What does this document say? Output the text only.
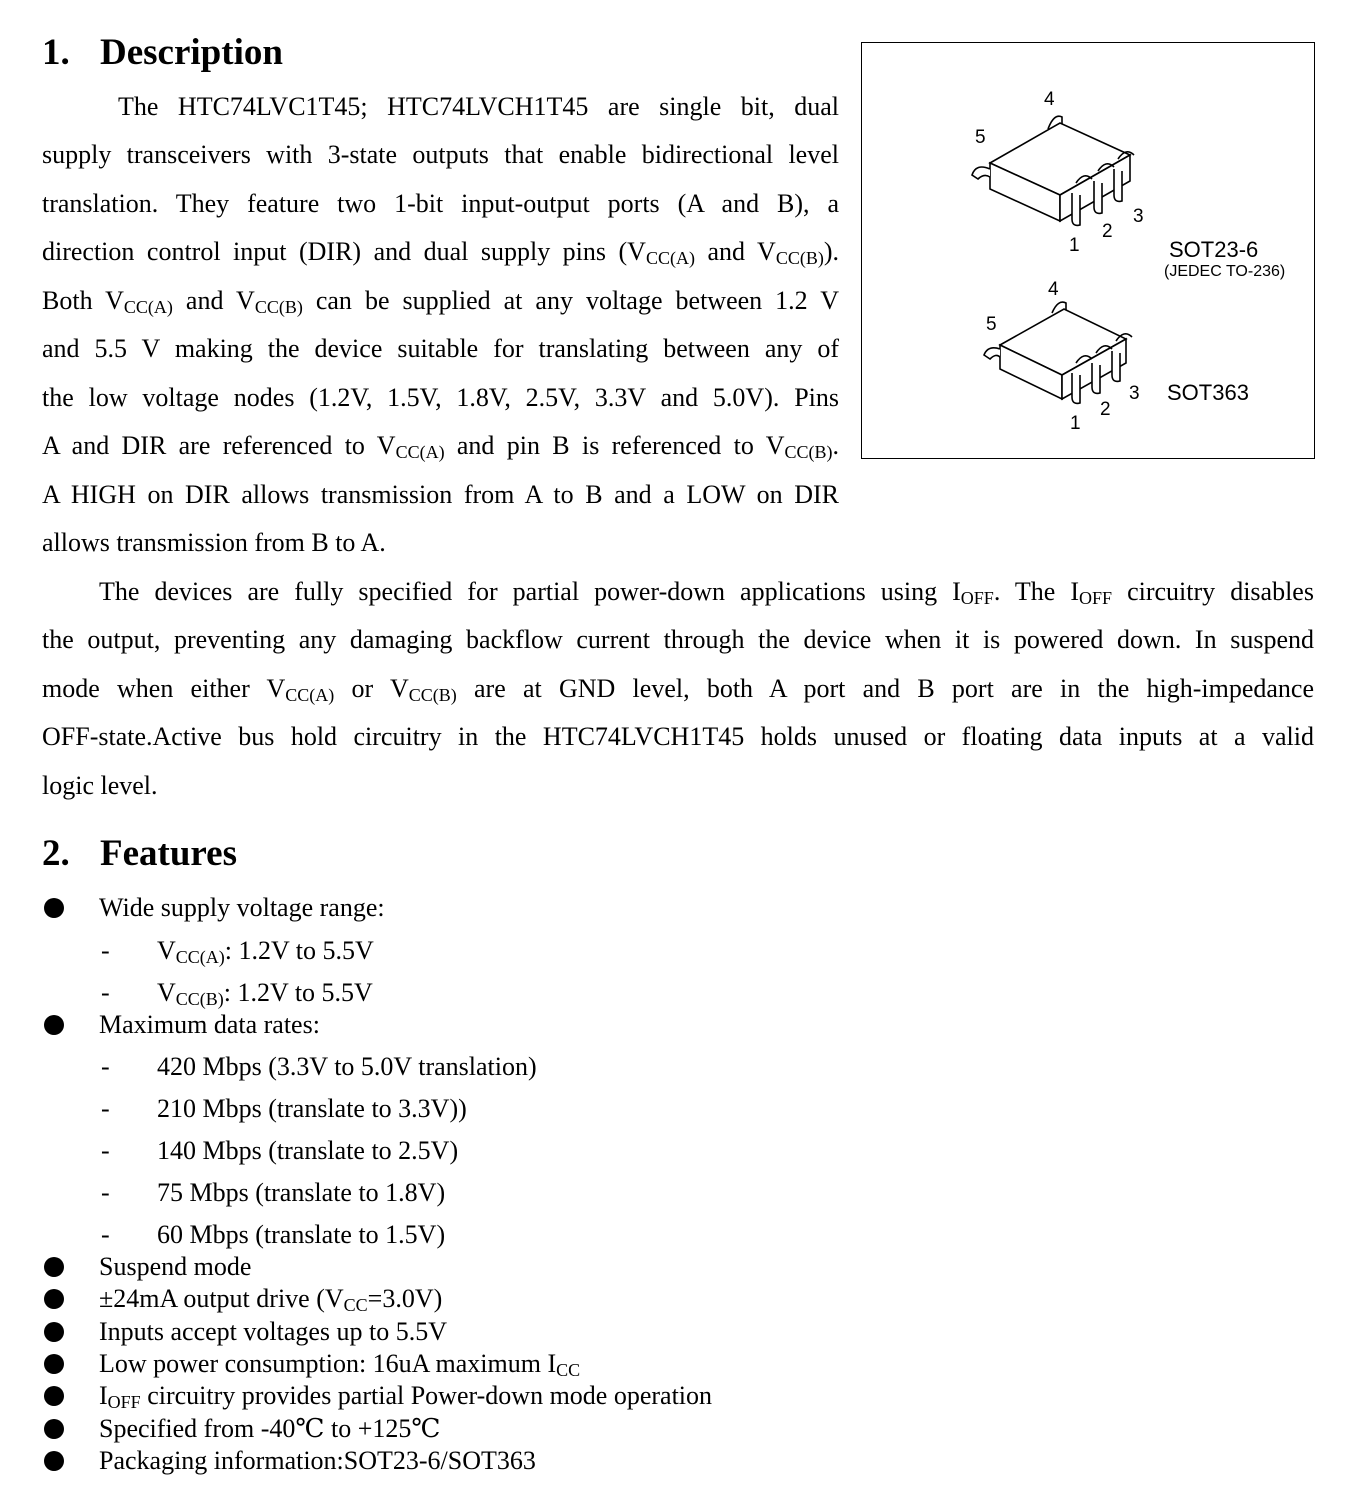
1. Description
The HTC74LVC1T45; HTC74LVCH1T45 are single bit, dual
supply transceivers with 3-state outputs that enable bidirectional level
translation. They feature two 1-bit input-output ports (A and B), a
direction control input (DIR) and dual supply pins ($V_{CC(A)}$ and $V_{CC(B)}$).
Both $V_{CC(A)}$ and $V_{CC(B)}$ can be supplied at any voltage between 1.2 V
and 5.5 V making the device suitable for translating between any of
the low voltage nodes (1.2V, 1.5V, 1.8V, 2.5V, 3.3V and 5.0V). Pins
A and DIR are referenced to $V_{CC(A)}$ and pin B is referenced to $V_{CC(B)}$.
A HIGH on DIR allows transmission from A to B and a LOW on DIR
allows transmission from B to A.
The devices are fully specified for partial power-down applications using $I_{OFF}$. The $I_{OFF}$ circuitry disables
the output, preventing any damaging backflow current through the device when it is powered down. In suspend
mode when either $V_{CC(A)}$ or $V_{CC(B)}$ are at GND level, both A port and B port are in the high-impedance
OFF-state.Active bus hold circuitry in the HTC74LVCH1T45 holds unused or floating data inputs at a valid
logic level.
4
5
1
2
3
SOT23-6
(JEDEC TO-236)
4
5
1
2
3 SOT363
2. Features
Wide supply voltage range:
- $V_{CC(A)}$: 1.2V to 5.5V
- $V_{CC(B)}$: 1.2V to 5.5V
Maximum data rates:
- 420 Mbps (3.3V to 5.0V translation)
- 210 Mbps (translate to 3.3V))
- 140 Mbps (translate to 2.5V)
- 75 Mbps (translate to 1.8V)
- 60 Mbps (translate to 1.5V)
Suspend mode
±24mA output drive $(V_{CC}=3.0V)$
Inputs accept voltages up to 5.5V
Low power consumption: 16uA maximum $I_{CC}$
$I_{OFF}$ circuitry provides partial Power-down mode operation
Specified from -40℃ to +125℃
Packaging information:SOT23-6/SOT363
